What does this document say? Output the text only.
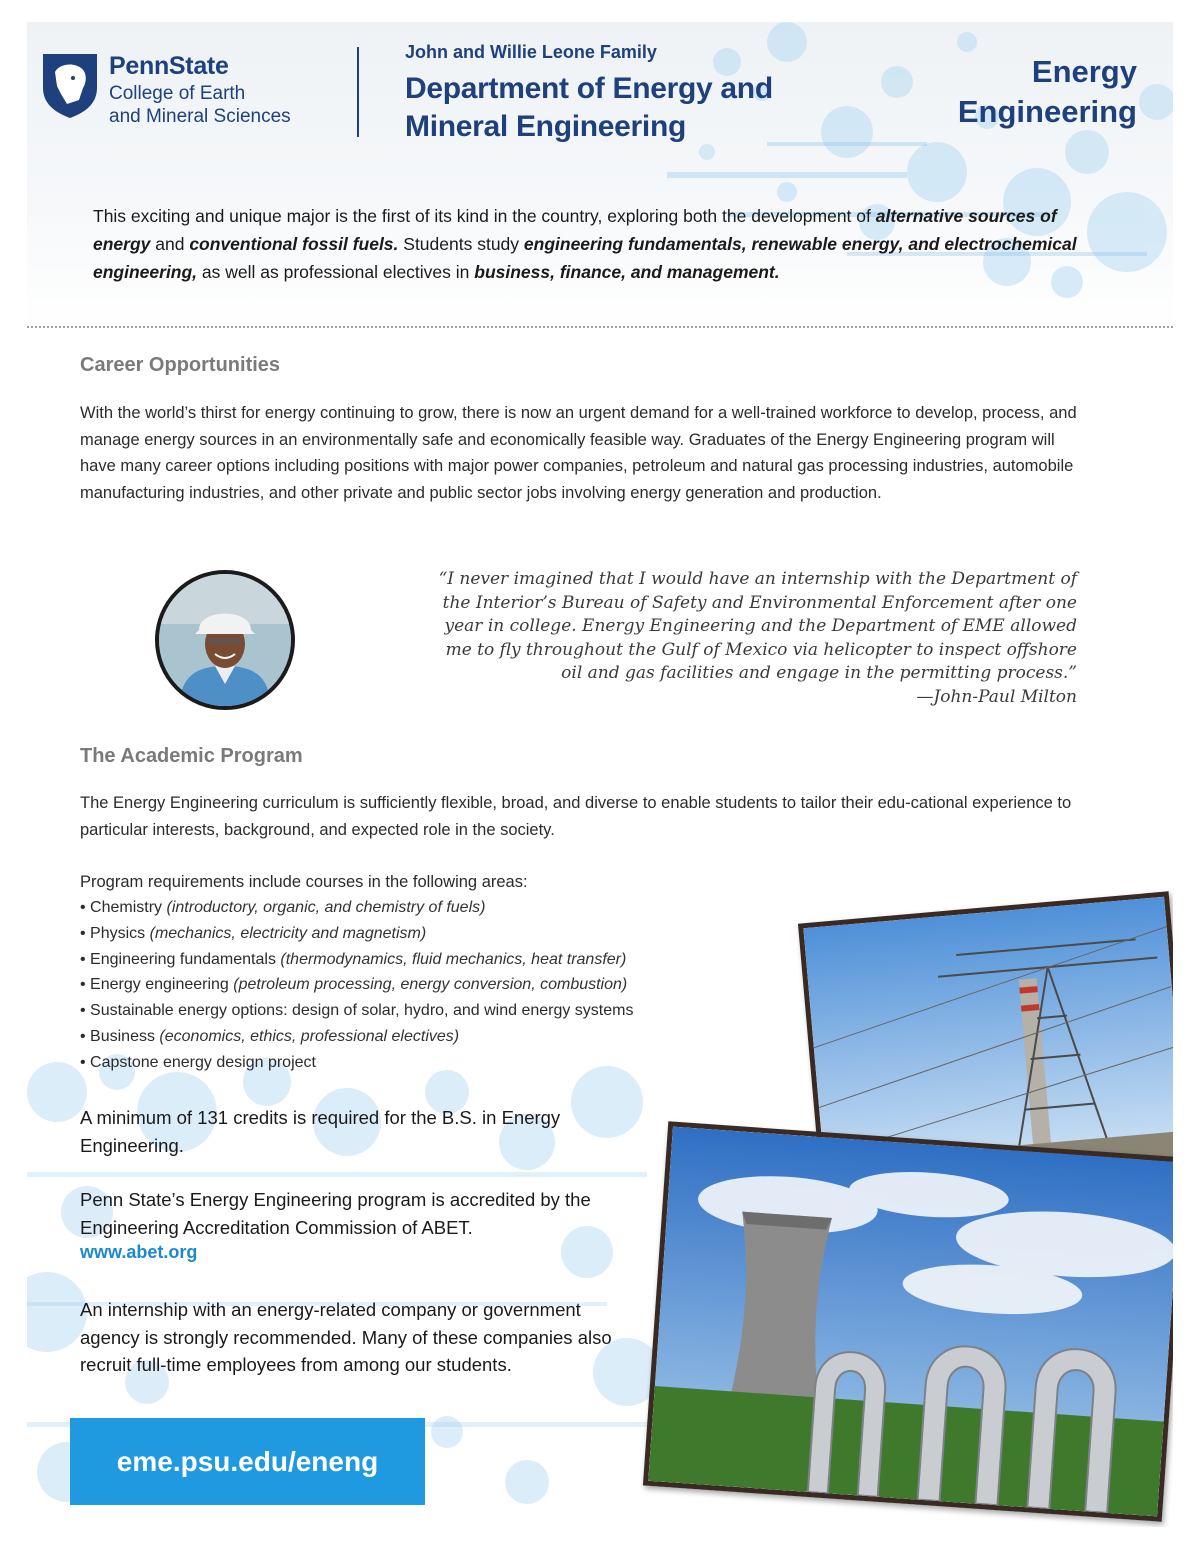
PennState
College of Earth
and Mineral Sciences
John and Willie Leone Family
Department of Energy and
Mineral Engineering
Energy
Engineering
This exciting and unique major is the first of its kind in the country, exploring both the development of alternative sources of energy and conventional fossil fuels. Students study engineering fundamentals, renewable energy, and electrochemical engineering, as well as professional electives in business, finance, and management.
Career Opportunities
With the world’s thirst for energy continuing to grow, there is now an urgent demand for a well-trained workforce to develop, process, and manage energy sources in an environmentally safe and economically feasible way. Graduates of the Energy Engineering program will have many career options including positions with major power companies, petroleum and natural gas processing industries, automobile manufacturing industries, and other private and public sector jobs involving energy generation and production.
“I never imagined that I would have an internship with the Department of
the Interior’s Bureau of Safety and Environmental Enforcement after one
year in college. Energy Engineering and the Department of EME allowed
me to fly throughout the Gulf of Mexico via helicopter to inspect offshore
oil and gas facilities and engage in the permitting process.”
—John-Paul Milton
The Academic Program
The Energy Engineering curriculum is sufficiently flexible, broad, and diverse to enable students to tailor their edu-cational experience to particular interests, background, and expected role in the society.
Program requirements include courses in the following areas:
• Chemistry (introductory, organic, and chemistry of fuels)
• Physics (mechanics, electricity and magnetism)
• Engineering fundamentals (thermodynamics, fluid mechanics, heat transfer)
• Energy engineering (petroleum processing, energy conversion, combustion)
• Sustainable energy options: design of solar, hydro, and wind energy systems
• Business (economics, ethics, professional electives)
• Capstone energy design project
A minimum of 131 credits is required for the B.S. in Energy Engineering.
Penn State’s Energy Engineering program is accredited by the Engineering Accreditation Commission of ABET.
www.abet.org
An internship with an energy-related company or government agency is strongly recommended. Many of these companies also recruit full-time employees from among our students.
eme.psu.edu/eneng
